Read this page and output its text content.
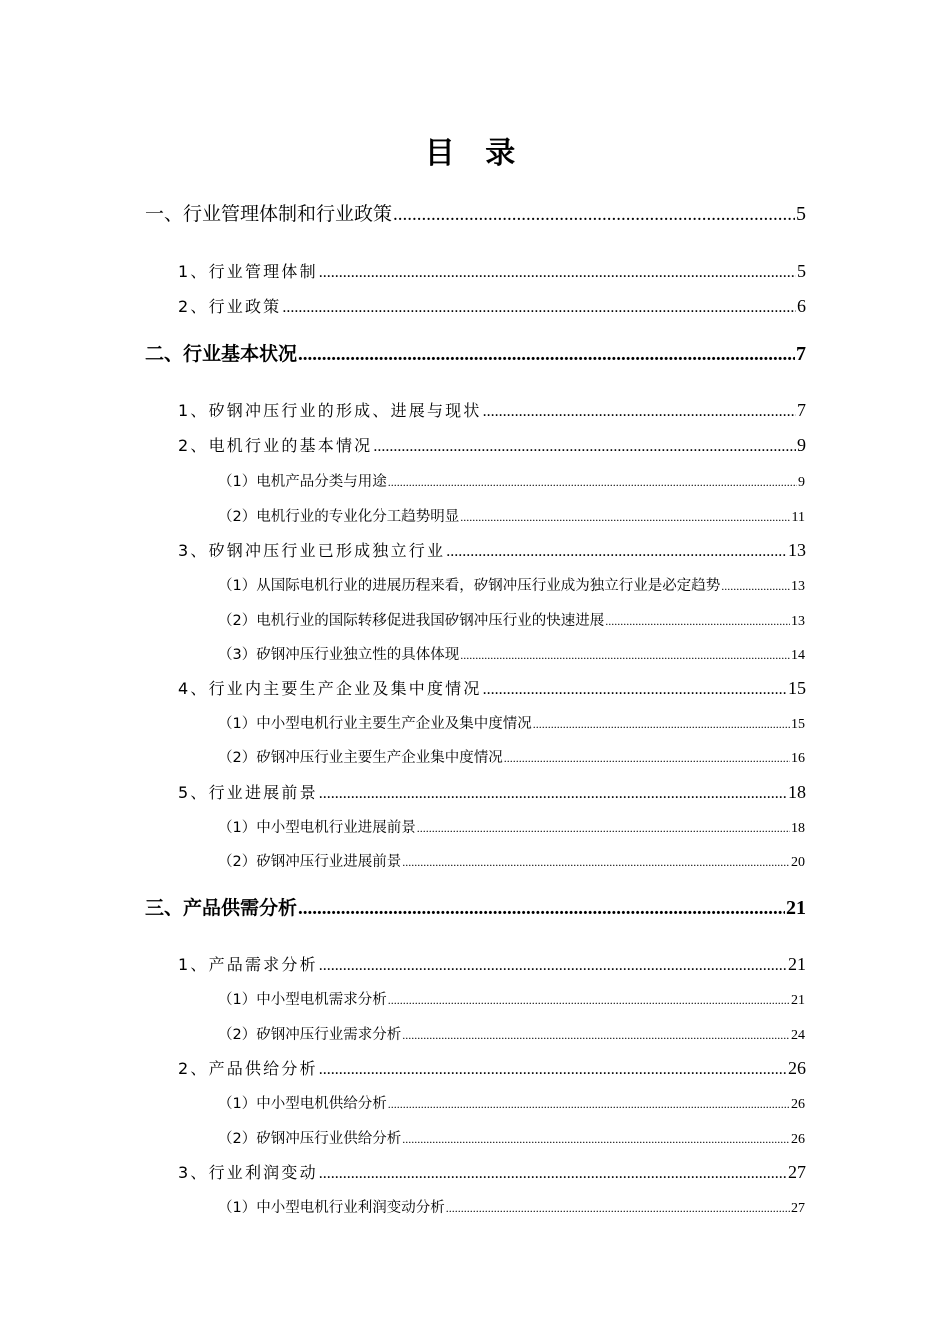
目 录
一、行业管理体制和行业政策 .....	5
1、行业管理体制 .....	5
2、行业政策 .....	6
二、行业基本状况 .....	7
1、矽钢冲压行业的形成、进展与现状 .....	7
2、电机行业的基本情况 .....	9
（1）电机产品分类与用途 .....	9
（2）电机行业的专业化分工趋势明显 .....	11
3、矽钢冲压行业已形成独立行业 .....	13
（1）从国际电机行业的进展历程来看，矽钢冲压行业成为独立行业是必定趋势 .....	13
（2）电机行业的国际转移促进我国矽钢冲压行业的快速进展 .....	13
（3）矽钢冲压行业独立性的具体体现 .....	14
4、行业内主要生产企业及集中度情况 .....	15
（1）中小型电机行业主要生产企业及集中度情况 .....	15
（2）矽钢冲压行业主要生产企业集中度情况 .....	16
5、行业进展前景 .....	18
（1）中小型电机行业进展前景 .....	18
（2）矽钢冲压行业进展前景 .....	20
三、产品供需分析 .....	21
1、产品需求分析 .....	21
（1）中小型电机需求分析 .....	21
（2）矽钢冲压行业需求分析 .....	24
2、产品供给分析 .....	26
（1）中小型电机供给分析 .....	26
（2）矽钢冲压行业供给分析 .....	26
3、行业利润变动 .....	27
（1）中小型电机行业利润变动分析 .....	27
